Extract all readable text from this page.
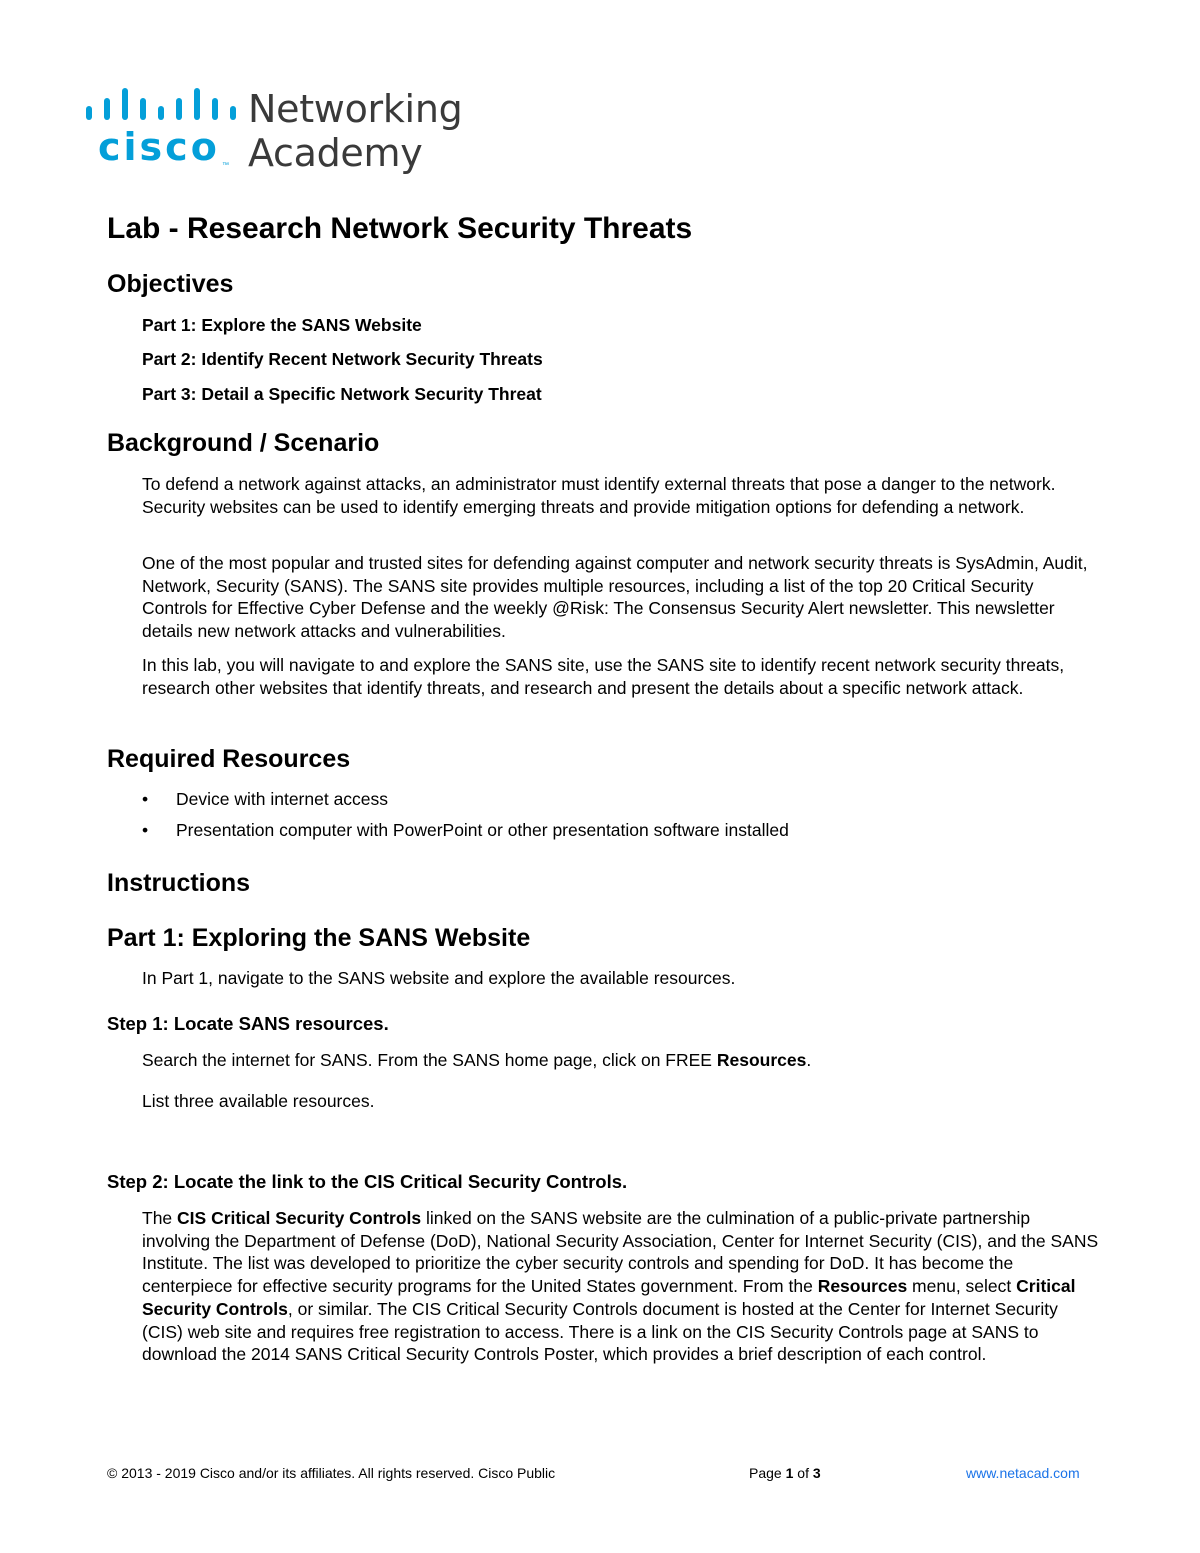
cisco ™
Networking
Academy
Lab - Research Network Security Threats
Objectives

Part 1: Explore the SANS Website

Part 2: Identify Recent Network Security Threats

Part 3: Detail a Specific Network Security Threat

Background / Scenario

To defend a network against attacks, an administrator must identify external threats that pose a danger to the network. Security websites can be used to identify emerging threats and provide mitigation options for defending a network.

One of the most popular and trusted sites for defending against computer and network security threats is SysAdmin, Audit, Network, Security (SANS). The SANS site provides multiple resources, including a list of the top 20 Critical Security Controls for Effective Cyber Defense and the weekly @Risk: The Consensus Security Alert newsletter. This newsletter details new network attacks and vulnerabilities.

In this lab, you will navigate to and explore the SANS site, use the SANS site to identify recent network security threats, research other websites that identify threats, and research and present the details about a specific network attack.

Required Resources
• Device with internet access
• Presentation computer with PowerPoint or other presentation software installed
Instructions
Part 1: Exploring the SANS Website

In Part 1, navigate to the SANS website and explore the available resources.

Step 1: Locate SANS resources.

Search the internet for SANS. From the SANS home page, click on FREE Resources.

List three available resources.

Step 2: Locate the link to the CIS Critical Security Controls.

The CIS Critical Security Controls linked on the SANS website are the culmination of a public-private partnership involving the Department of Defense (DoD), National Security Association, Center for Internet Security (CIS), and the SANS Institute. The list was developed to prioritize the cyber security controls and spending for DoD. It has become the centerpiece for effective security programs for the United States government. From the Resources menu, select Critical Security Controls, or similar. The CIS Critical Security Controls document is hosted at the Center for Internet Security (CIS) web site and requires free registration to access. There is a link on the CIS Security Controls page at SANS to download the 2014 SANS Critical Security Controls Poster, which provides a brief description of each control.

© 2013 - 2019 Cisco and/or its affiliates. All rights reserved. Cisco Public	Page 1 of 3	www.netacad.com
